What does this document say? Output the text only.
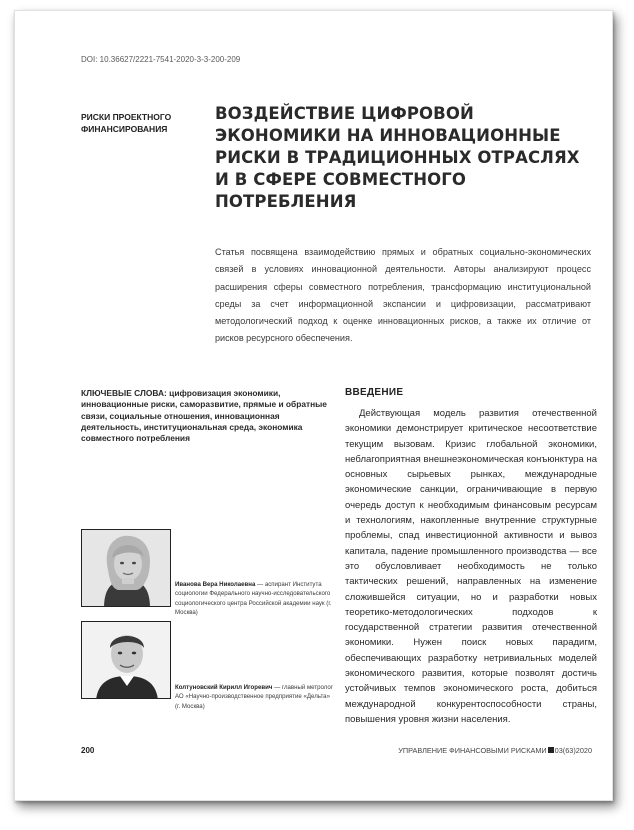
DOI: 10.36627/2221-7541-2020-3-3-200-209
РИСКИ ПРОЕКТНОГО ФИНАНСИРОВАНИЯ
ВОЗДЕЙСТВИЕ ЦИФРОВОЙ ЭКОНОМИКИ НА ИННОВАЦИОННЫЕ РИСКИ В ТРАДИЦИОННЫХ ОТРАСЛЯХ И В СФЕРЕ СОВМЕСТНОГО ПОТРЕБЛЕНИЯ

Статья посвящена взаимодействию прямых и обратных социально-экономических связей в условиях инновационной деятельности. Авторы анализируют процесс расширения сферы совместного потребления, трансформацию институциональной среды за счет информационной экспансии и цифровизации, рассматривают методологический подход к оценке инновационных рисков, а также их отличие от рисков ресурсного обеспечения.

КЛЮЧЕВЫЕ СЛОВА: цифровизация экономики, инновационные риски, саморазвитие, прямые и обратные связи, социальные отношения, инновационная деятельность, институциональная среда, экономика совместного потребления

Иванова Вера Николаевна — аспирант Института социологии Федерального научно-исследовательского социологического центра Российской академии наук (г. Москва)

Колтуновский Кирилл Игоревич — главный метролог АО «Научно-производственное предприятие «Дельта» (г. Москва)

ВВЕДЕНИЕ

Действующая модель развития отечественной экономики демонстрирует критическое несоответствие текущим вызовам. Кризис глобальной экономики, неблагоприятная внешнеэкономическая конъюнктура на основных сырьевых рынках, международные экономические санкции, ограничивающие в первую очередь доступ к необходимым финансовым ресурсам и технологиям, накопленные внутренние структурные проблемы, спад инвестиционной активности и вывоз капитала, падение промышленного производства — все это обусловливает необходимость не только тактических решений, направленных на изменение сложившейся ситуации, но и разработки новых теоретико-методологических подходов к государственной стратегии развития отечественной экономики. Нужен поиск новых парадигм, обеспечивающих разработку нетривиальных моделей экономического развития, которые позволят достичь устойчивых темпов экономического роста, добиться международной конкурентоспособности страны, повышения уровня жизни населения.

200	УПРАВЛЕНИЕ ФИНАНСОВЫМИ РИСКАМИ 03(63)2020
